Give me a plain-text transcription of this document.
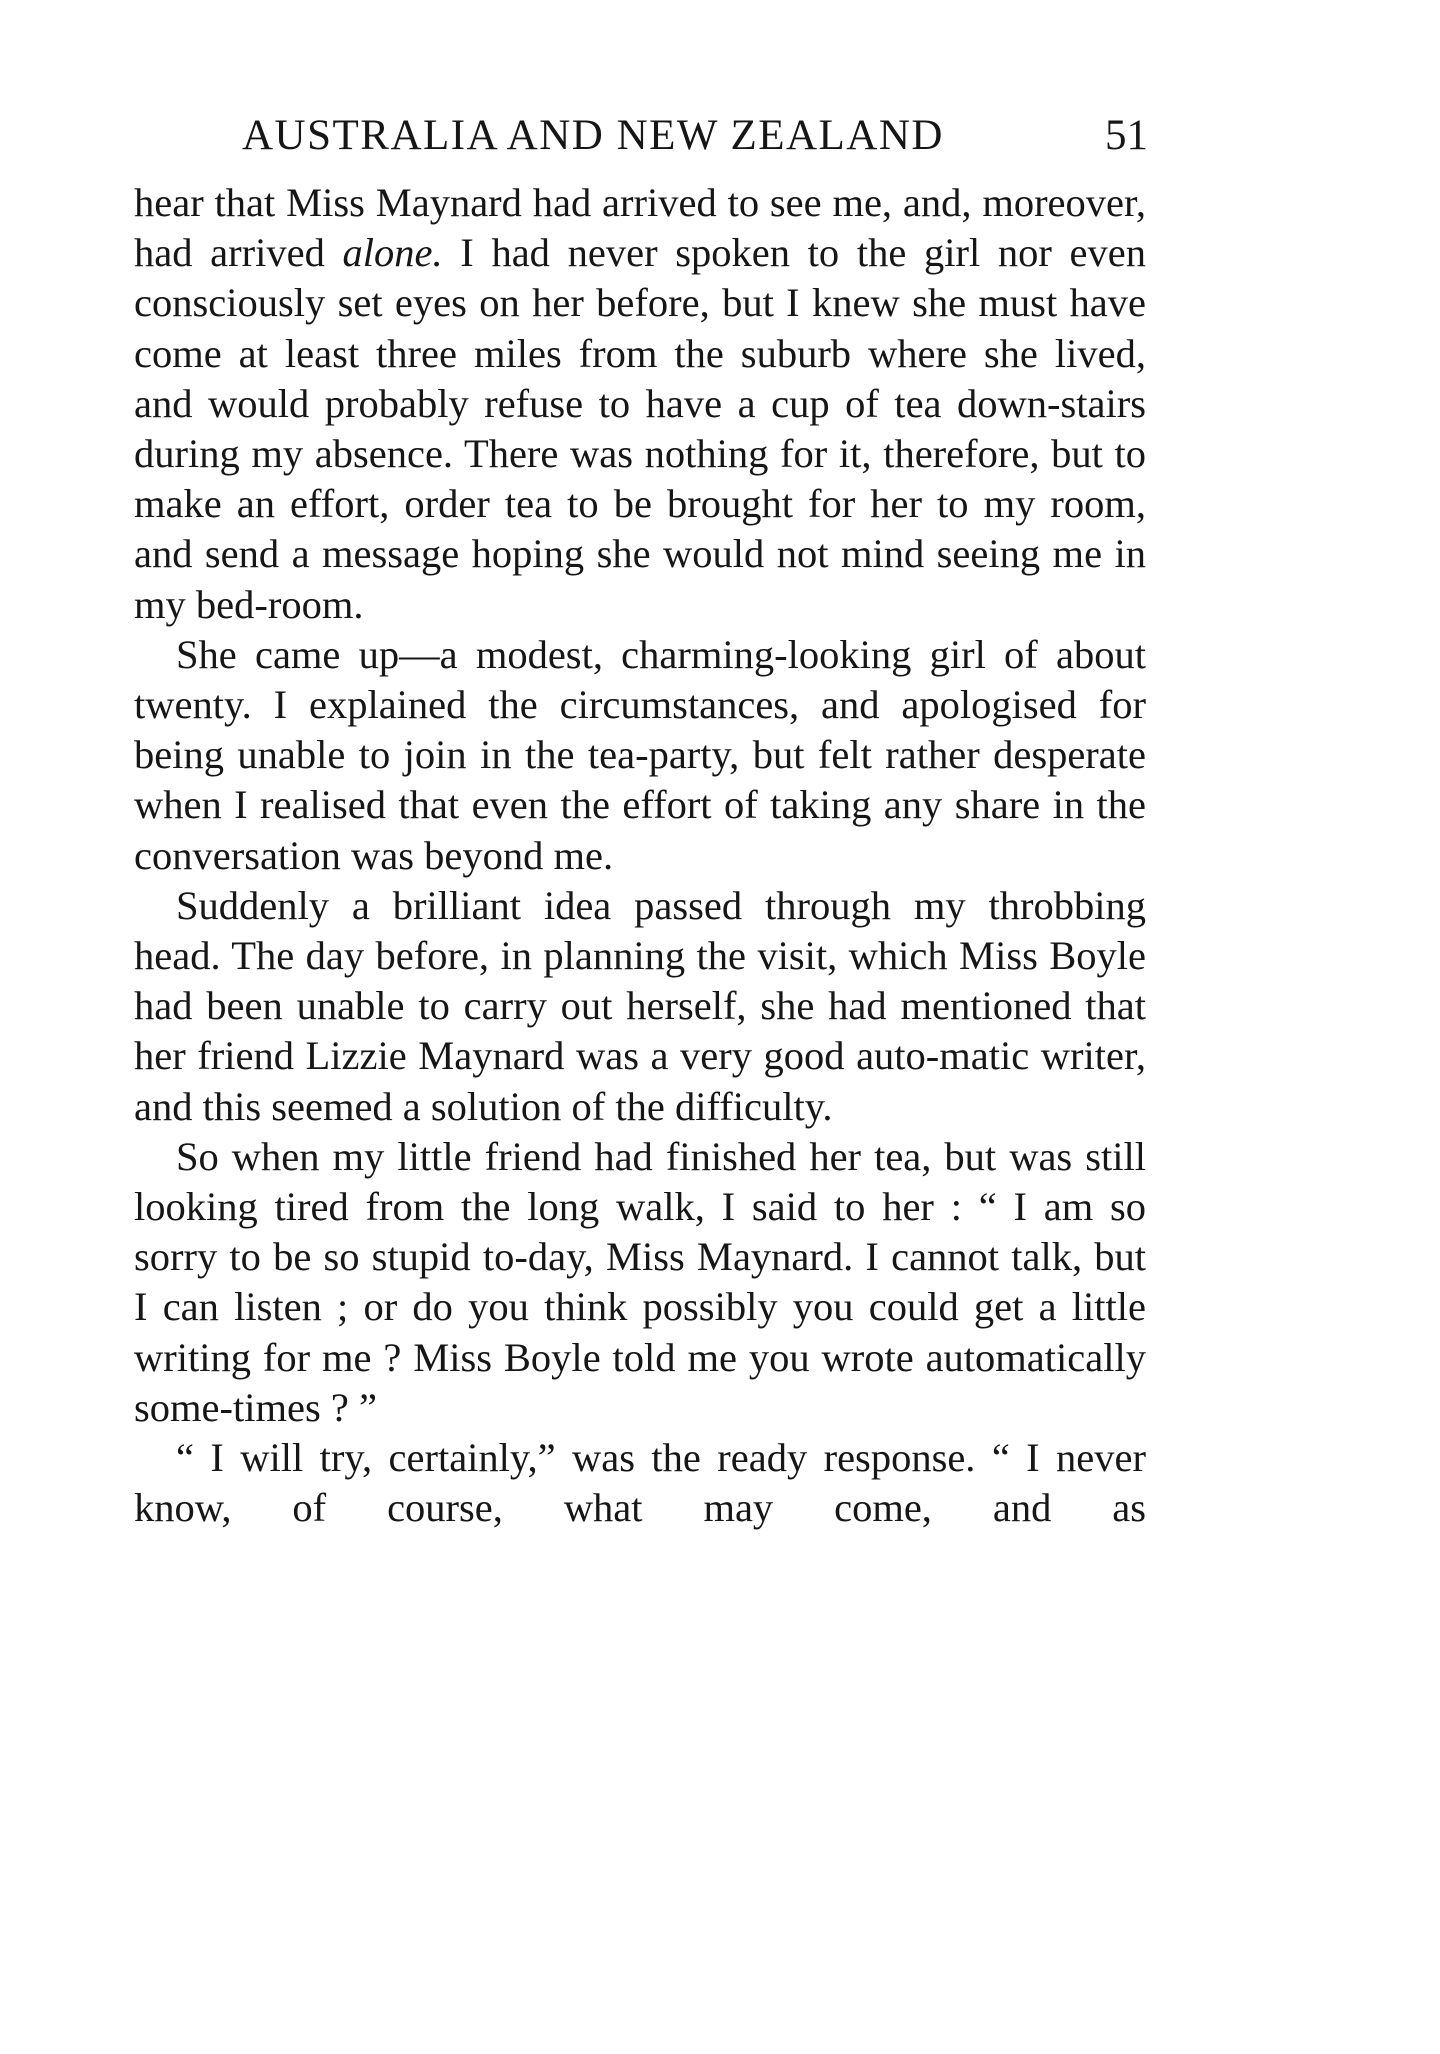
AUSTRALIA AND NEW ZEALAND	51

hear that Miss Maynard had arrived to see me, and, moreover, had arrived alone. I had never spoken to the girl nor even consciously set eyes on her before, but I knew she must have come at least three miles from the suburb where she lived, and would probably refuse to have a cup of tea down-stairs during my absence. There was nothing for it, therefore, but to make an effort, order tea to be brought for her to my room, and send a message hoping she would not mind seeing me in my bed-room.

She came up—a modest, charming-looking girl of about twenty. I explained the circumstances, and apologised for being unable to join in the tea-party, but felt rather desperate when I realised that even the effort of taking any share in the conversation was beyond me.

Suddenly a brilliant idea passed through my throbbing head. The day before, in planning the visit, which Miss Boyle had been unable to carry out herself, she had mentioned that her friend Lizzie Maynard was a very good auto-matic writer, and this seemed a solution of the difficulty.

So when my little friend had finished her tea, but was still looking tired from the long walk, I said to her : “ I am so sorry to be so stupid to-day, Miss Maynard. I cannot talk, but I can listen ; or do you think possibly you could get a little writing for me ? Miss Boyle told me you wrote automatically some-times ? ”

“ I will try, certainly,” was the ready response. “ I never know, of course, what may come, and as
